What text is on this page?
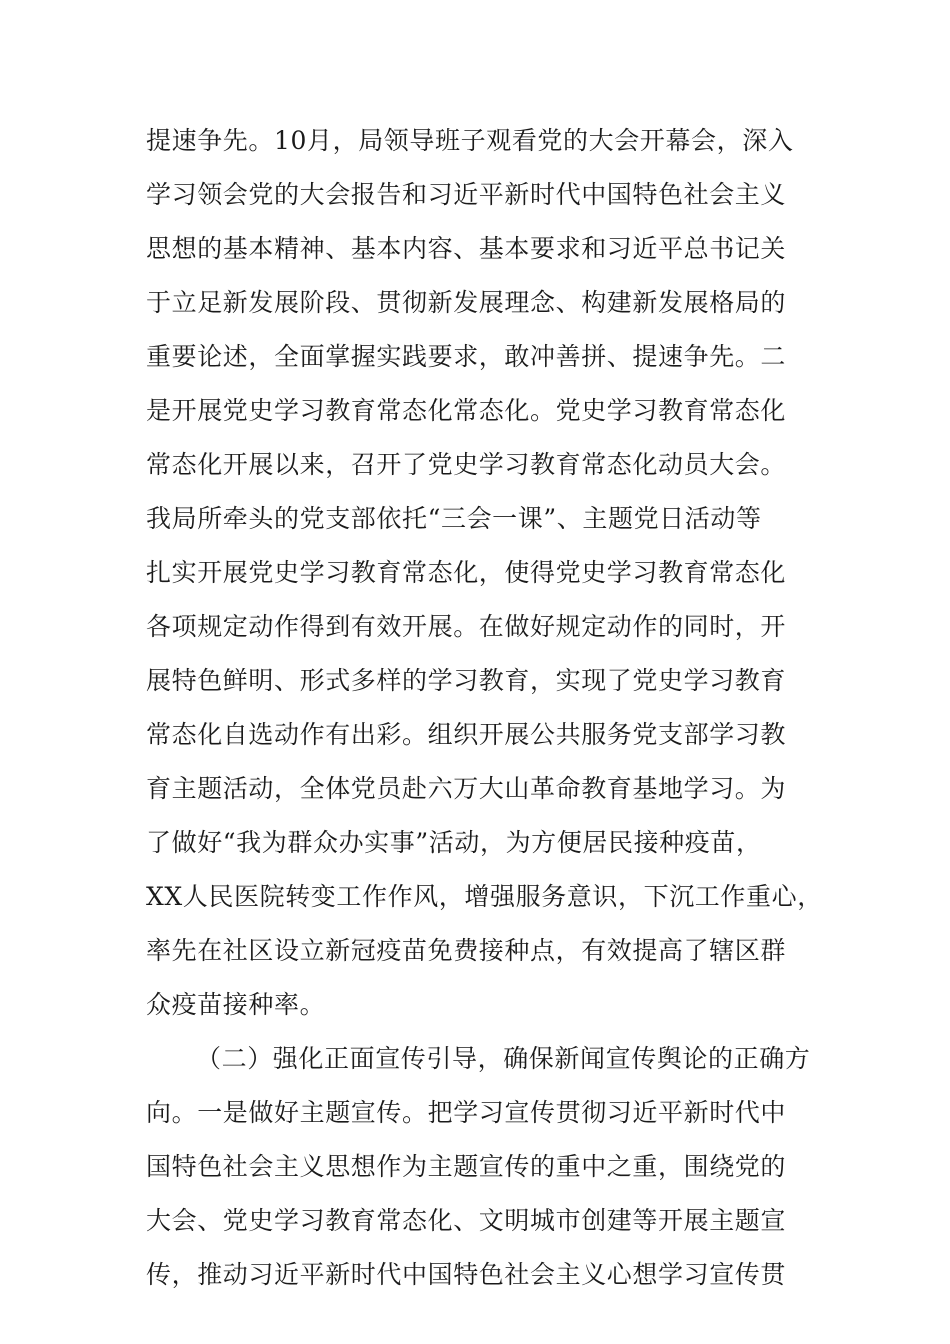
提速争先。10月，局领导班子观看党的大会开幕会，深入
学习领会党的大会报告和习近平新时代中国特色社会主义
思想的基本精神、基本内容、基本要求和习近平总书记关
于立足新发展阶段、贯彻新发展理念、构建新发展格局的
重要论述，全面掌握实践要求，敢冲善拼、提速争先。二
是开展党史学习教育常态化常态化。党史学习教育常态化
常态化开展以来，召开了党史学习教育常态化动员大会。
我局所牵头的党支部依托“三会一课”、主题党日活动等
扎实开展党史学习教育常态化，使得党史学习教育常态化
各项规定动作得到有效开展。在做好规定动作的同时，开
展特色鲜明、形式多样的学习教育，实现了党史学习教育
常态化自选动作有出彩。组织开展公共服务党支部学习教
育主题活动，全体党员赴六万大山革命教育基地学习。为
了做好“我为群众办实事”活动，为方便居民接种疫苗，
XX人民医院转变工作作风，增强服务意识，下沉工作重心，
率先在社区设立新冠疫苗免费接种点，有效提高了辖区群
众疫苗接种率。
（二）强化正面宣传引导，确保新闻宣传舆论的正确方
向。一是做好主题宣传。把学习宣传贯彻习近平新时代中
国特色社会主义思想作为主题宣传的重中之重，围绕党的
大会、党史学习教育常态化、文明城市创建等开展主题宣
传，推动习近平新时代中国特色社会主义心想学习宣传贯
